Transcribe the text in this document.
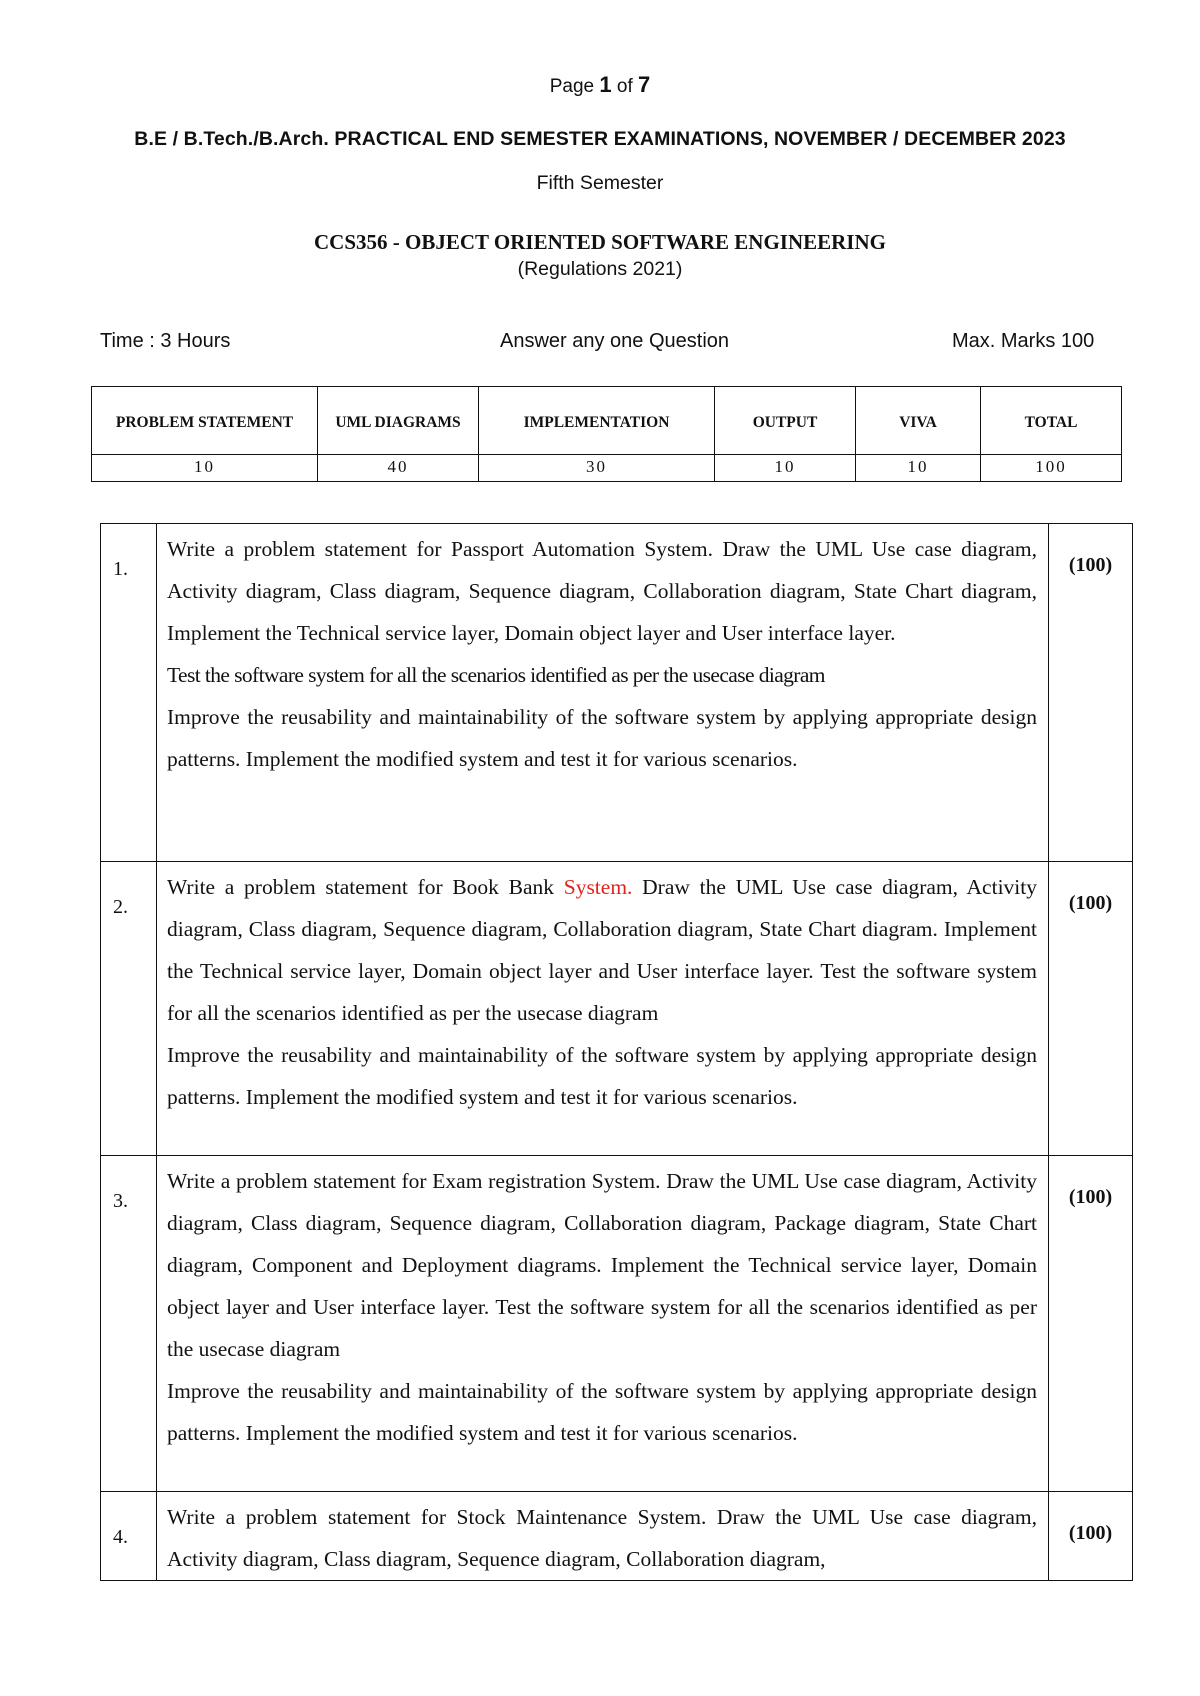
Page 1 of 7
B.E / B.Tech./B.Arch. PRACTICAL END SEMESTER EXAMINATIONS, NOVEMBER / DECEMBER 2023
Fifth Semester
CCS356 - OBJECT ORIENTED SOFTWARE ENGINEERING
(Regulations 2021)
Time : 3 Hours	Answer any one Question	Max. Marks 100
PROBLEM STATEMENT	UML DIAGRAMS	IMPLEMENTATION	OUTPUT	VIVA	TOTAL
10	40	30	10	10	100
1.	Write a problem statement for Passport Automation System. Draw the UML Use case diagram, Activity diagram, Class diagram, Sequence diagram, Collaboration diagram, State Chart diagram, Implement the Technical service layer, Domain object layer and User interface layer.
Test the software system for all the scenarios identified as per the usecase diagram
Improve the reusability and maintainability of the software system by applying appropriate design patterns. Implement the modified system and test it for various scenarios.	(100)
2.	Write a problem statement for Book Bank System. Draw the UML Use case diagram, Activity diagram, Class diagram, Sequence diagram, Collaboration diagram, State Chart diagram. Implement the Technical service layer, Domain object layer and User interface layer. Test the software system for all the scenarios identified as per the usecase diagram
Improve the reusability and maintainability of the software system by applying appropriate design patterns. Implement the modified system and test it for various scenarios.	(100)
3.	Write a problem statement for Exam registration System. Draw the UML Use case diagram, Activity diagram, Class diagram, Sequence diagram, Collaboration diagram, Package diagram, State Chart diagram, Component and Deployment diagrams. Implement the Technical service layer, Domain object layer and User interface layer. Test the software system for all the scenarios identified as per the usecase diagram
Improve the reusability and maintainability of the software system by applying appropriate design patterns. Implement the modified system and test it for various scenarios.	(100)
4.	Write a problem statement for Stock Maintenance System. Draw the UML Use case diagram, Activity diagram, Class diagram, Sequence diagram, Collaboration diagram,	(100)
